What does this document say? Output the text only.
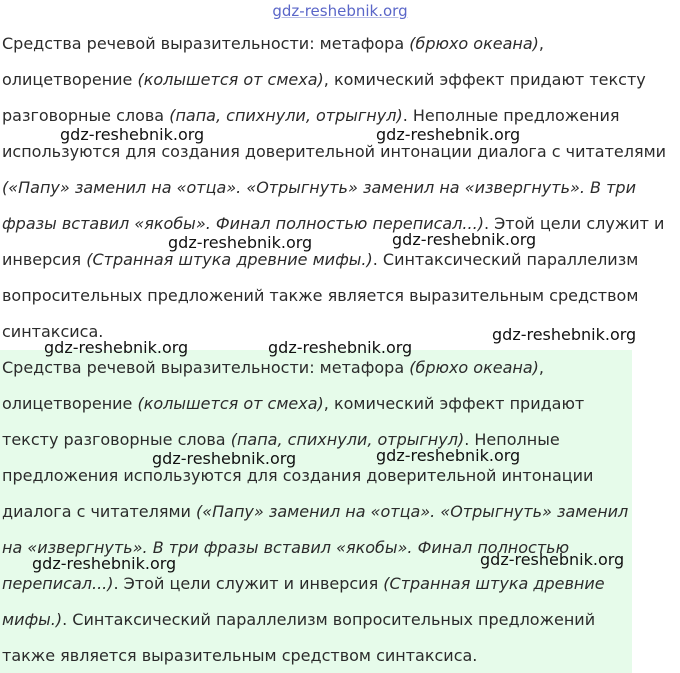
gdz-reshebnik.org
Средства речевой выразительности: метафора (брюхо океана),
олицетворение (колышется от смеха), комический эффект придают тексту
разговорные слова (папа, спихнули, отрыгнул). Неполные предложения
используются для создания доверительной интонации диалога с читателями
(«Папу» заменил на «отца». «Отрыгнуть» заменил на «извергнуть». В три
фразы вставил «якобы». Финал полностью переписал...). Этой цели служит и
инверсия (Странная штука древние мифы.). Синтаксический параллелизм
вопросительных предложений также является выразительным средством
синтаксиса.
Средства речевой выразительности: метафора (брюхо океана),
олицетворение (колышется от смеха), комический эффект придают
тексту разговорные слова (папа, спихнули, отрыгнул). Неполные
предложения используются для создания доверительной интонации
диалога с читателями («Папу» заменил на «отца». «Отрыгнуть» заменил
на «извергнуть». В три фразы вставил «якобы». Финал полностью
переписал...). Этой цели служит и инверсия (Странная штука древние
мифы.). Синтаксический параллелизм вопросительных предложений
также является выразительным средством синтаксиса.
gdz-reshebnik.org	gdz-reshebnik.org
gdz-reshebnik.org	gdz-reshebnik.org
gdz-reshebnik.org
gdz-reshebnik.org	gdz-reshebnik.org
gdz-reshebnik.org	gdz-reshebnik.org
gdz-reshebnik.org	gdz-reshebnik.org
